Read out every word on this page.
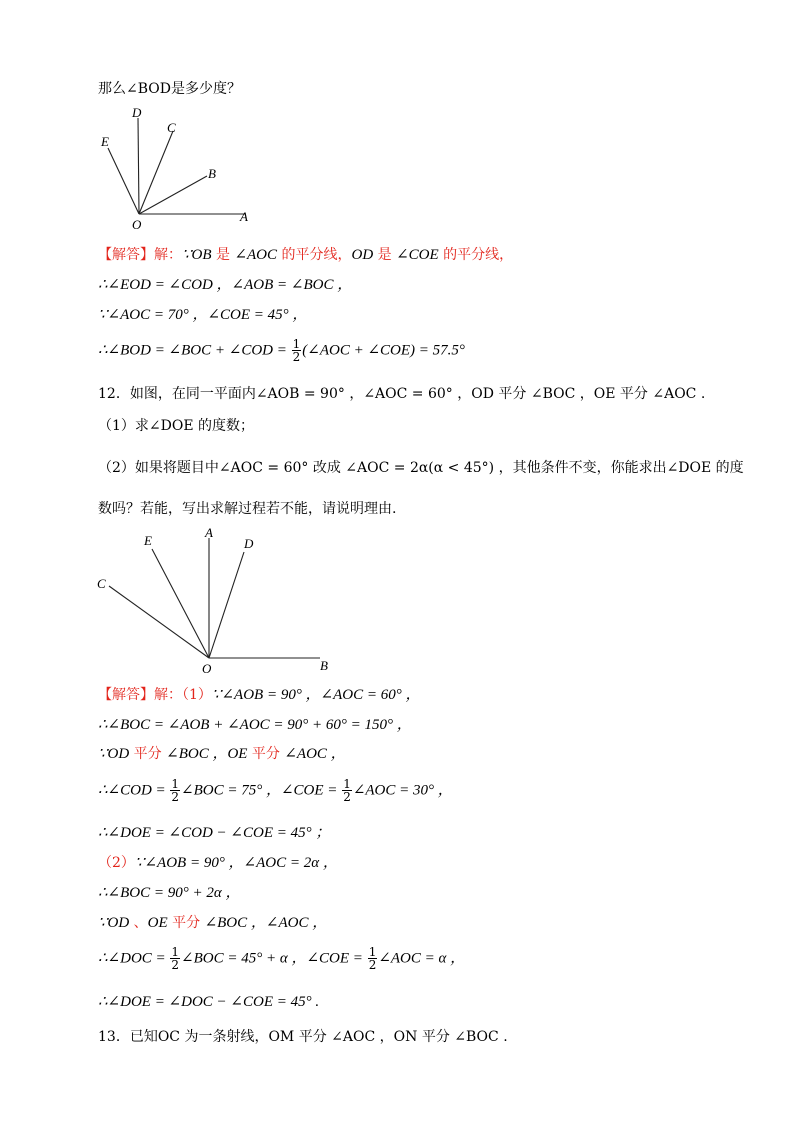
那么∠BOD是多少度？
E
D
C
B
A
O
【解答】解：∵OB 是 ∠AOC 的平分线，OD 是 ∠COE 的平分线，
∴∠EOD = ∠COD ，∠AOB = ∠BOC ，
∵∠AOC = 70° ，∠COE = 45° ，
∴∠BOD = ∠BOC + ∠COD = $\frac{1}{2}$ (∠AOC + ∠COE) = 57.5°
12．如图，在同一平面内∠AOB = 90° ，∠AOC = 60° ，OD 平分 ∠BOC ，OE 平分 ∠AOC .
（1）求∠DOE 的度数；
（2）如果将题目中∠AOC = 60° 改成 ∠AOC = 2α(α < 45°) ，其他条件不变，你能求出∠DOE 的度
数吗？若能，写出求解过程若不能，请说明理由.
E
A
D
C
O	B
【解答】解：（1）∵∠AOB = 90° ，∠AOC = 60° ，
∴∠BOC = ∠AOB + ∠AOC = 90° + 60° = 150° ，
∵OD 平分 ∠BOC ，OE 平分 ∠AOC ，
∴∠COD = $\frac{1}{2}$ ∠BOC = 75° ，∠COE = $\frac{1}{2}$ ∠AOC = 30° ，
∴∠DOE = ∠COD − ∠COE = 45° ；
（2）∵∠AOB = 90° ，∠AOC = 2α ，
∴∠BOC = 90° + 2α ，
∵OD 、OE 平分 ∠BOC ，∠AOC ，
∴∠DOC = $\frac{1}{2}$ ∠BOC = 45° + α ，∠COE = $\frac{1}{2}$ ∠AOC = α ，
∴∠DOE = ∠DOC − ∠COE = 45° .
13．已知OC 为一条射线，OM 平分 ∠AOC ，ON 平分 ∠BOC .
